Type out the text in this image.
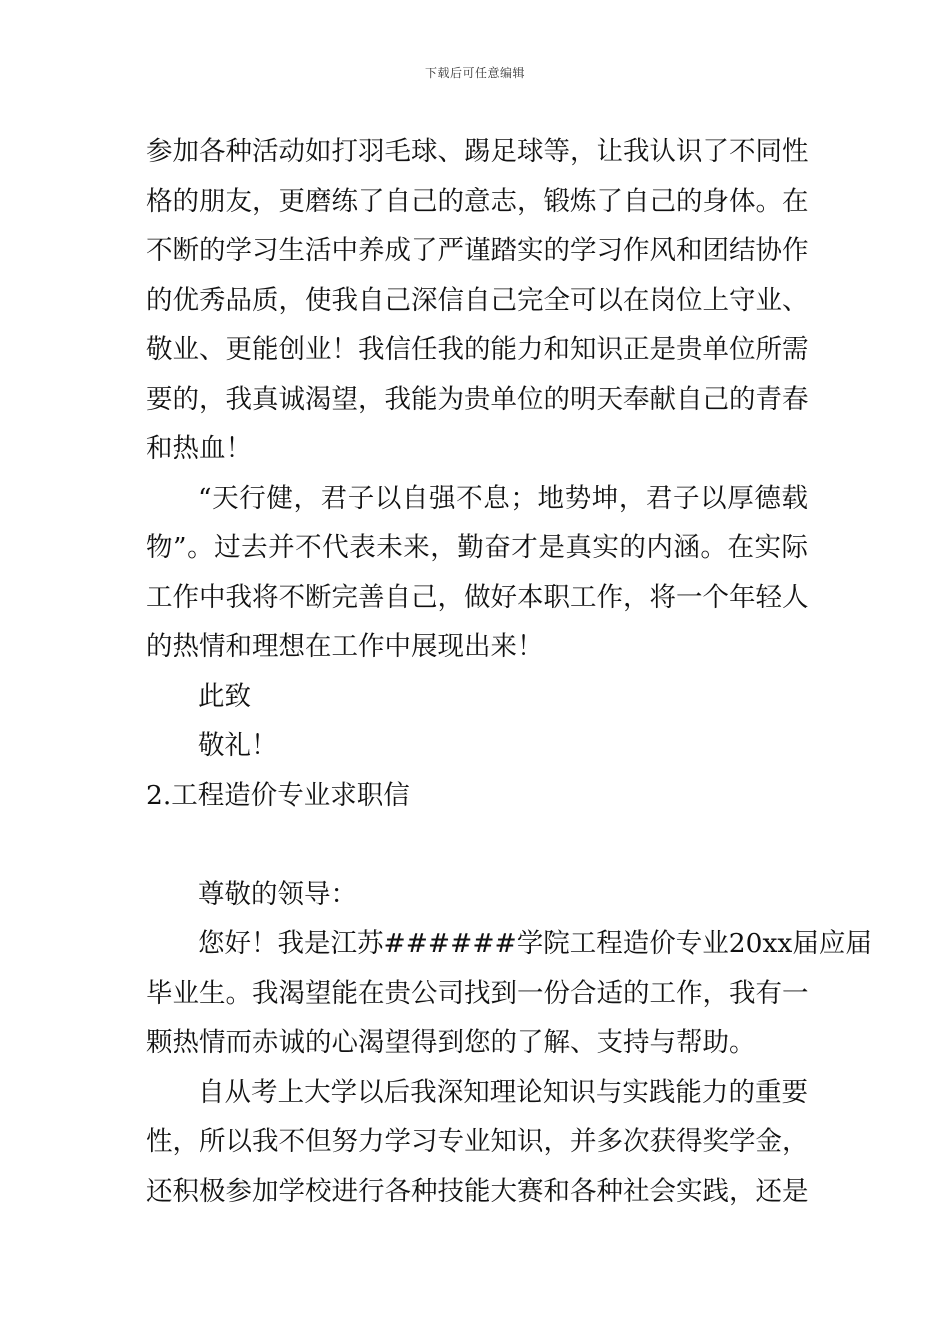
下载后可任意编辑
参加各种活动如打羽毛球、踢足球等，让我认识了不同性
格的朋友，更磨练了自己的意志，锻炼了自己的身体。在
不断的学习生活中养成了严谨踏实的学习作风和团结协作
的优秀品质，使我自己深信自己完全可以在岗位上守业、
敬业、更能创业！我信任我的能力和知识正是贵单位所需
要的，我真诚渴望，我能为贵单位的明天奉献自己的青春
和热血！
“天行健，君子以自强不息；地势坤，君子以厚德载
物”。过去并不代表未来，勤奋才是真实的内涵。在实际
工作中我将不断完善自己，做好本职工作，将一个年轻人
的热情和理想在工作中展现出来！
此致
敬礼！
2.工程造价专业求职信
尊敬的领导：
您好！我是江苏######学院工程造价专业20xx届应届
毕业生。我渴望能在贵公司找到一份合适的工作，我有一
颗热情而赤诚的心渴望得到您的了解、支持与帮助。
自从考上大学以后我深知理论知识与实践能力的重要
性，所以我不但努力学习专业知识，并多次获得奖学金，
还积极参加学校进行各种技能大赛和各种社会实践，还是
